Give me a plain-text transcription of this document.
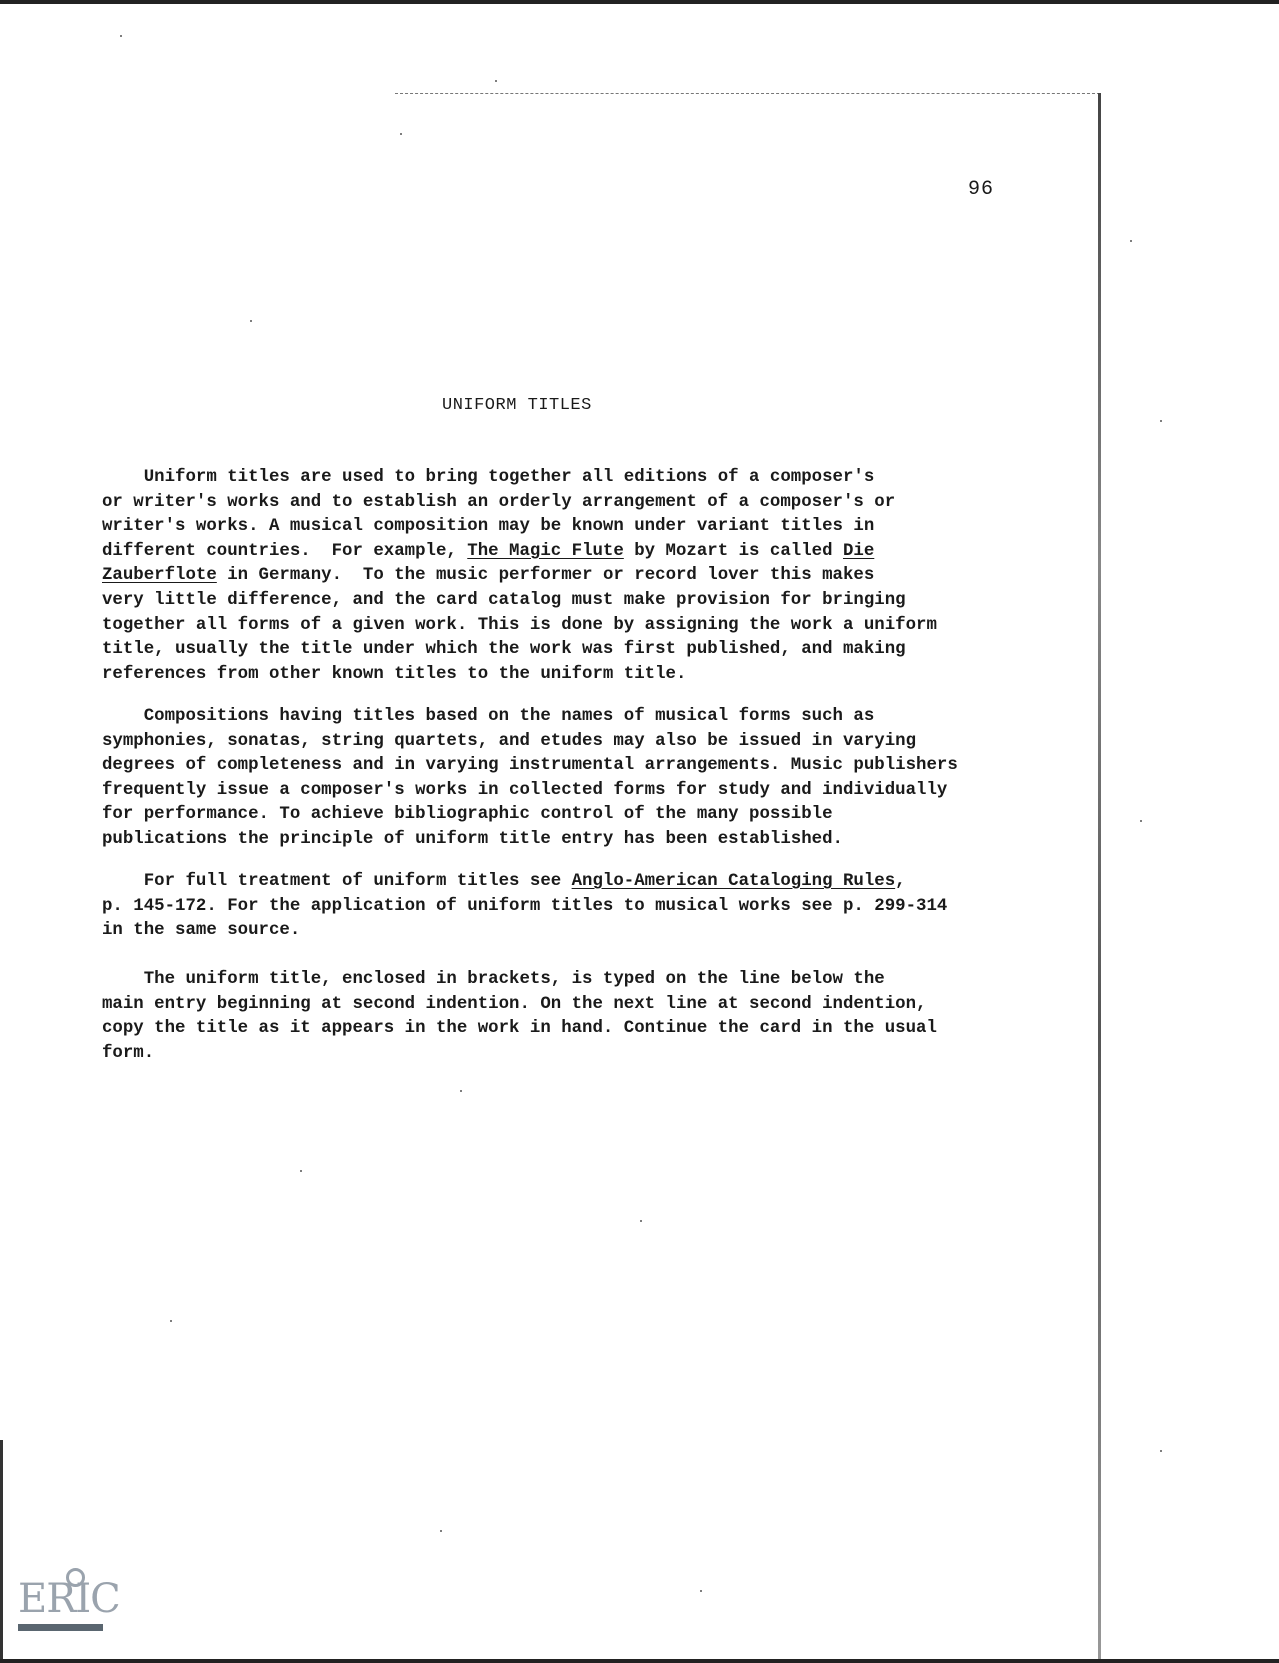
96
UNIFORM TITLES
Uniform titles are used to bring together all editions of a composer's
or writer's works and to establish an orderly arrangement of a composer's or
writer's works. A musical composition may be known under variant titles in
different countries.  For example, The Magic Flute by Mozart is called Die
Zauberflote in Germany.  To the music performer or record lover this makes
very little difference, and the card catalog must make provision for bringing
together all forms of a given work. This is done by assigning the work a uniform
title, usually the title under which the work was first published, and making
references from other known titles to the uniform title.
Compositions having titles based on the names of musical forms such as
symphonies, sonatas, string quartets, and etudes may also be issued in varying
degrees of completeness and in varying instrumental arrangements. Music publishers
frequently issue a composer's works in collected forms for study and individually
for performance. To achieve bibliographic control of the many possible
publications the principle of uniform title entry has been established.
For full treatment of uniform titles see Anglo-American Cataloging Rules,
p. 145-172. For the application of uniform titles to musical works see p. 299-314
in the same source.
The uniform title, enclosed in brackets, is typed on the line below the
main entry beginning at second indention. On the next line at second indention,
copy the title as it appears in the work in hand. Continue the card in the usual
form.
ERIC
